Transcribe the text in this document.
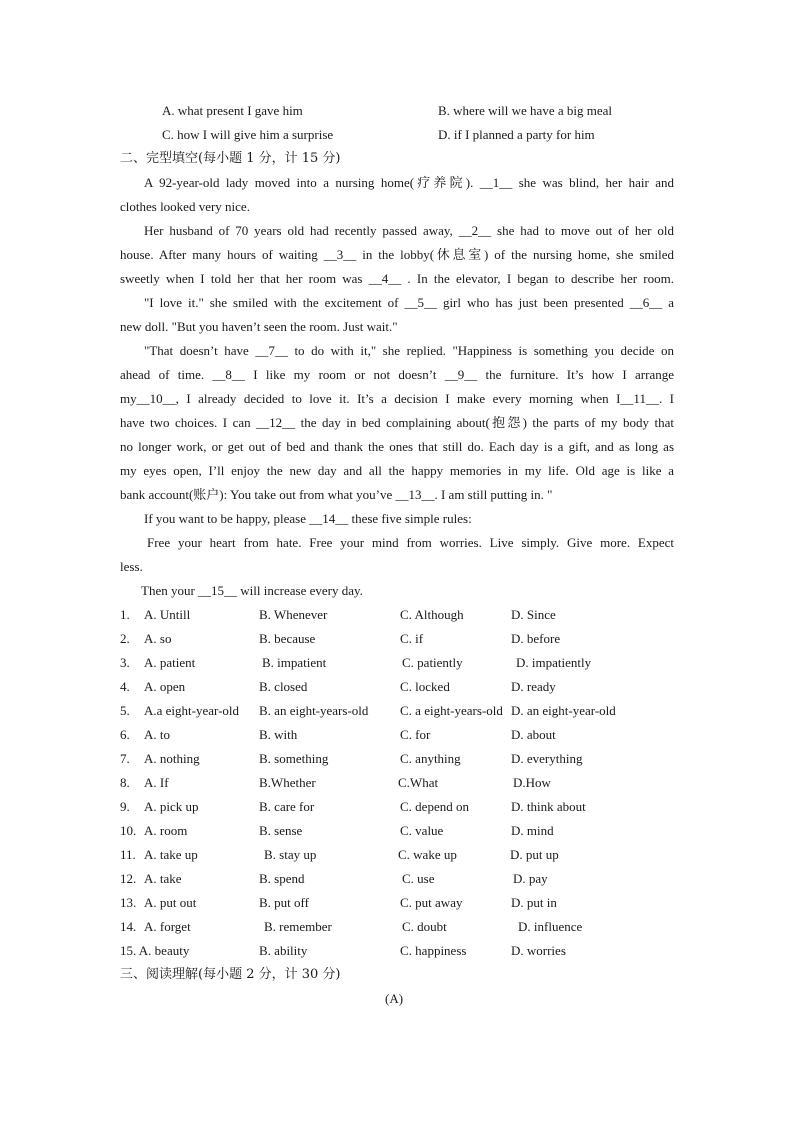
A. what present I gave him	B. where will we have a big meal
C. how I will give him a surprise	D. if I planned a party for him
二、完型填空(每小题 1 分，计 15 分)
A 92-year-old lady moved into a nursing home(疗养院). __1__ she was blind, her hair and
clothes looked very nice.
Her husband of 70 years old had recently passed away, __2__ she had to move out of her old
house. After many hours of waiting __3__ in the lobby(休息室) of the nursing home, she smiled
sweetly when I told her that her room was __4__ . In the elevator, I began to describe her room.
"I love it." she smiled with the excitement of __5__ girl who has just been presented __6__ a
new doll. "But you haven’t seen the room. Just wait."
"That doesn’t have __7__ to do with it," she replied. "Happiness is something you decide on
ahead of time. __8__ I like my room or not doesn’t __9__ the furniture. It’s how I arrange
my__10__, I already decided to love it. It’s a decision I make every morning when I__11__. I
have two choices. I can __12__ the day in bed complaining about(抱怨) the parts of my body that
no longer work, or get out of bed and thank the ones that still do. Each day is a gift, and as long as
my eyes open, I’ll enjoy the new day and all the happy memories in my life. Old age is like a
bank account(账户): You take out from what you’ve __13__. I am still putting in. "
If you want to be happy, please __14__ these five simple rules:
Free your heart from hate. Free your mind from worries. Live simply. Give more. Expect
less.
Then your __15__ will increase every day.
1. A. Untill	B. Whenever	C. Although	D. Since
2. A. so	B. because	C. if	D. before
3. A. patient	B. impatient	C. patiently	D. impatiently
4. A. open	B. closed	C. locked	D. ready
5. A.a eight-year-old B. an eight-years-old C. a eight-years-old D. an eight-year-old
6. A. to	B. with	C. for	D. about
7. A. nothing	B. something	C. anything	D. everything
8. A. If	B.Whether	C.What	D.How
9. A. pick up	B. care for	C. depend on	D. think about
10. A. room	B. sense	C. value	D. mind
11. A. take up	B. stay up	C. wake up	D. put up
12. A. take	B. spend	C. use	D. pay
13. A. put out	B. put off	C. put away	D. put in
14. A. forget	B. remember	C. doubt	D. influence
15. A. beauty	B. ability	C. happiness	D. worries
三、阅读理解(每小题 2 分，计 30 分)
(A)
